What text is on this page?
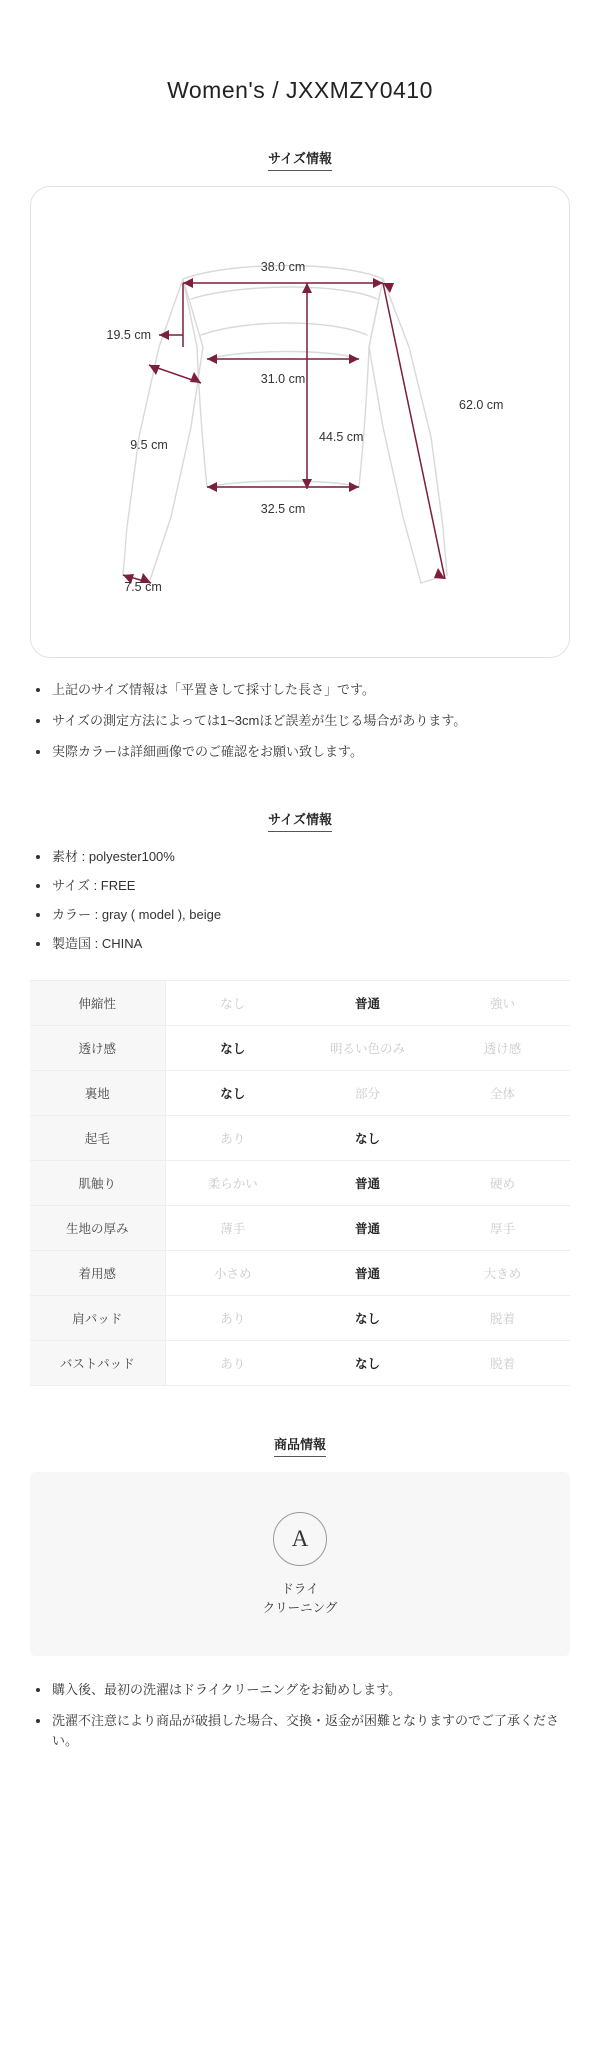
Women's / JXXMZY0410
サイズ情報
38.0 cm
19.5 cm
31.0 cm
62.0 cm
44.5 cm
9.5 cm
32.5 cm
7.5 cm
上記のサイズ情報は「平置きして採寸した長さ」です。
サイズの測定方法によっては1~3cmほど誤差が生じる場合があります。
実際カラーは詳細画像でのご確認をお願い致します。
サイズ情報
素材 : polyester100%
サイズ : FREE
カラー : gray ( model ), beige
製造国 : CHINA
伸縮性	なし	普通	強い
透け感	なし	明るい色のみ	透け感
裏地	なし	部分	全体
起毛	あり	なし	
肌触り	柔らかい	普通	硬め
生地の厚み	薄手	普通	厚手
着用感	小さめ	普通	大きめ
肩パッド	あり	なし	脱着
バストパッド	あり	なし	脱着
商品情報
A
ドライ
クリーニング
購入後、最初の洗濯はドライクリーニングをお勧めします。
洗濯不注意により商品が破損した場合、交換・返金が困難となりますのでご了承ください。
